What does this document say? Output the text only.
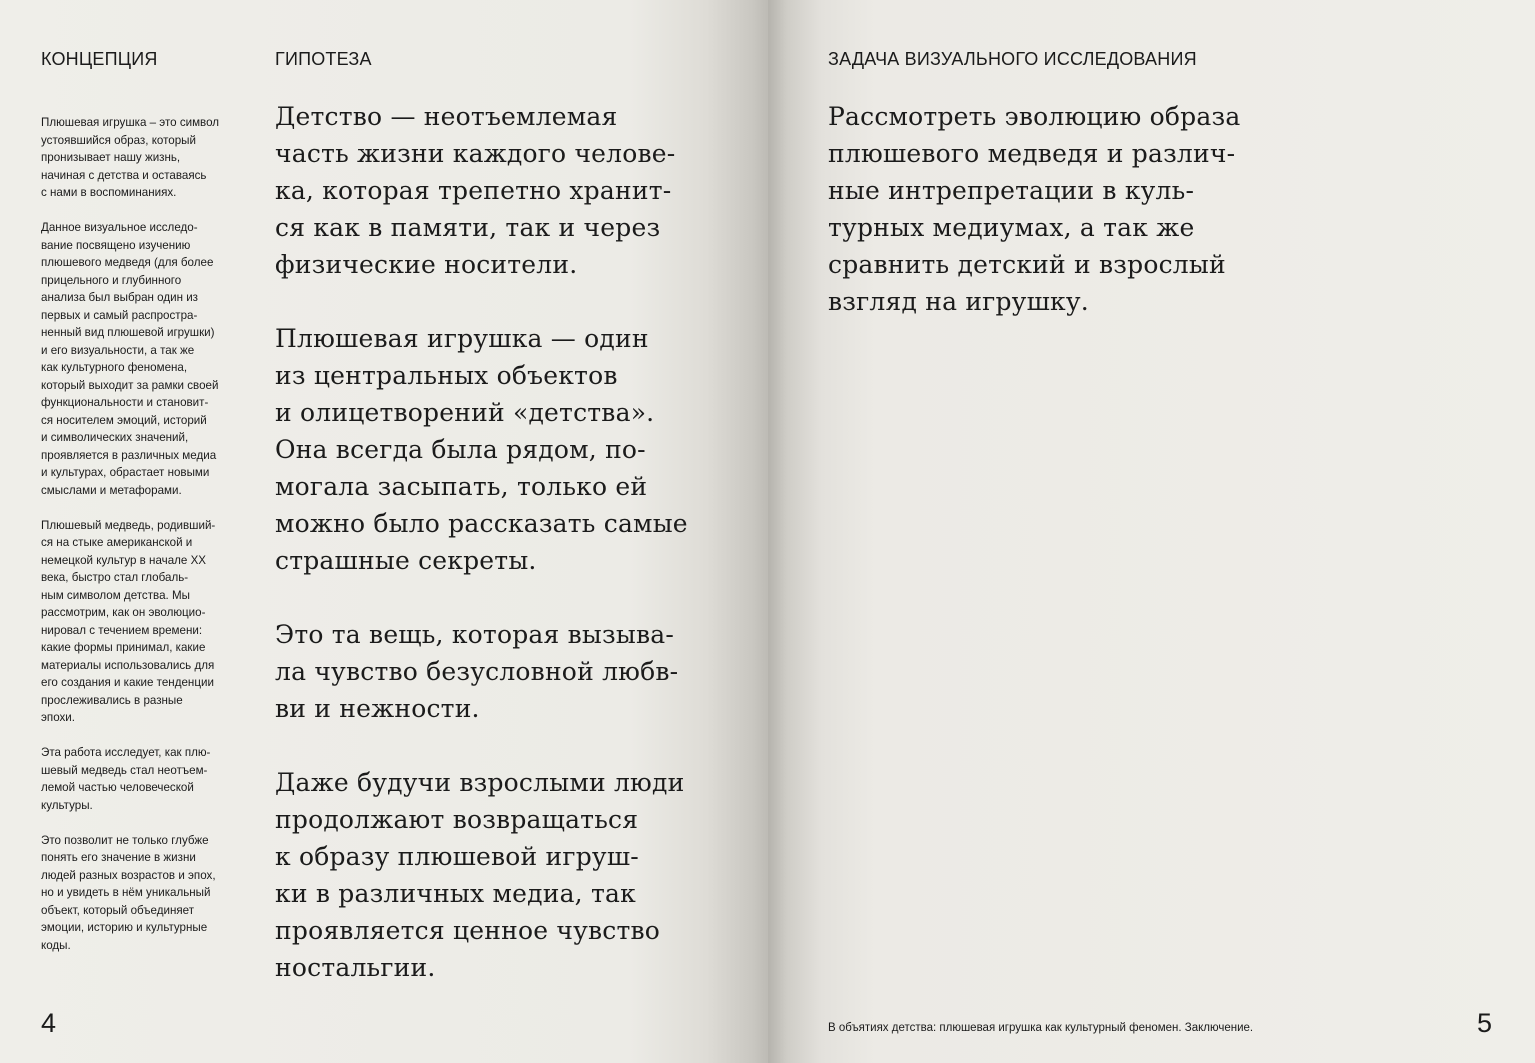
КОНЦЕПЦИЯ	ГИПОТЕЗА

Плюшевая игрушка – это символ
устоявшийся образ, который
пронизывает нашу жизнь,
начиная с детства и оставаясь
с нами в воспоминаниях.

Данное визуальное исследо-
вание посвящено изучению
плюшевого медведя (для более
прицельного и глубинного
анализа был выбран один из
первых и самый распростра-
ненный вид плюшевой игрушки)
и его визуальности, а так же
как культурного феномена,
который выходит за рамки своей
функциональности и становит-
ся носителем эмоций, историй
и символических значений,
проявляется в различных медиа
и культурах, обрастает новыми
смыслами и метафорами.

Плюшевый медведь, родивший-
ся на стыке американской и
немецкой культур в начале XX
века, быстро стал глобаль-
ным символом детства. Мы
рассмотрим, как он эволюцио-
нировал с течением времени:
какие формы принимал, какие
материалы использовались для
его создания и какие тенденции
прослеживались в разные
эпохи.

Эта работа исследует, как плю-
шевый медведь стал неотъем-
лемой частью человеческой
культуры.

Это позволит не только глубже
понять его значение в жизни
людей разных возрастов и эпох,
но и увидеть в нём уникальный
объект, который объединяет
эмоции, историю и культурные
коды.

Детство — неотъемлемая
часть жизни каждого челове-
ка, которая трепетно хранит-
ся как в памяти, так и через
физические носители.

Плюшевая игрушка — один
из центральных объектов
и олицетворений «детства».
Она всегда была рядом, по-
могала засыпать, только ей
можно было рассказать самые
страшные секреты.

Это та вещь, которая вызыва-
ла чувство безусловной любв-
ви и нежности.

Даже будучи взрослыми люди
продолжают возвращаться
к образу плюшевой игруш-
ки в различных медиа, так
проявляется ценное чувство
ностальгии.

4
ЗАДАЧА ВИЗУАЛЬНОГО ИССЛЕДОВАНИЯ

Рассмотреть эволюцию образа
плюшевого медведя и различ-
ные интрепретации в куль-
турных медиумах, а так же
сравнить детский и взрослый
взгляд на игрушку.

В объятиях детства: плюшевая игрушка как культурный феномен. Заключение.	5
